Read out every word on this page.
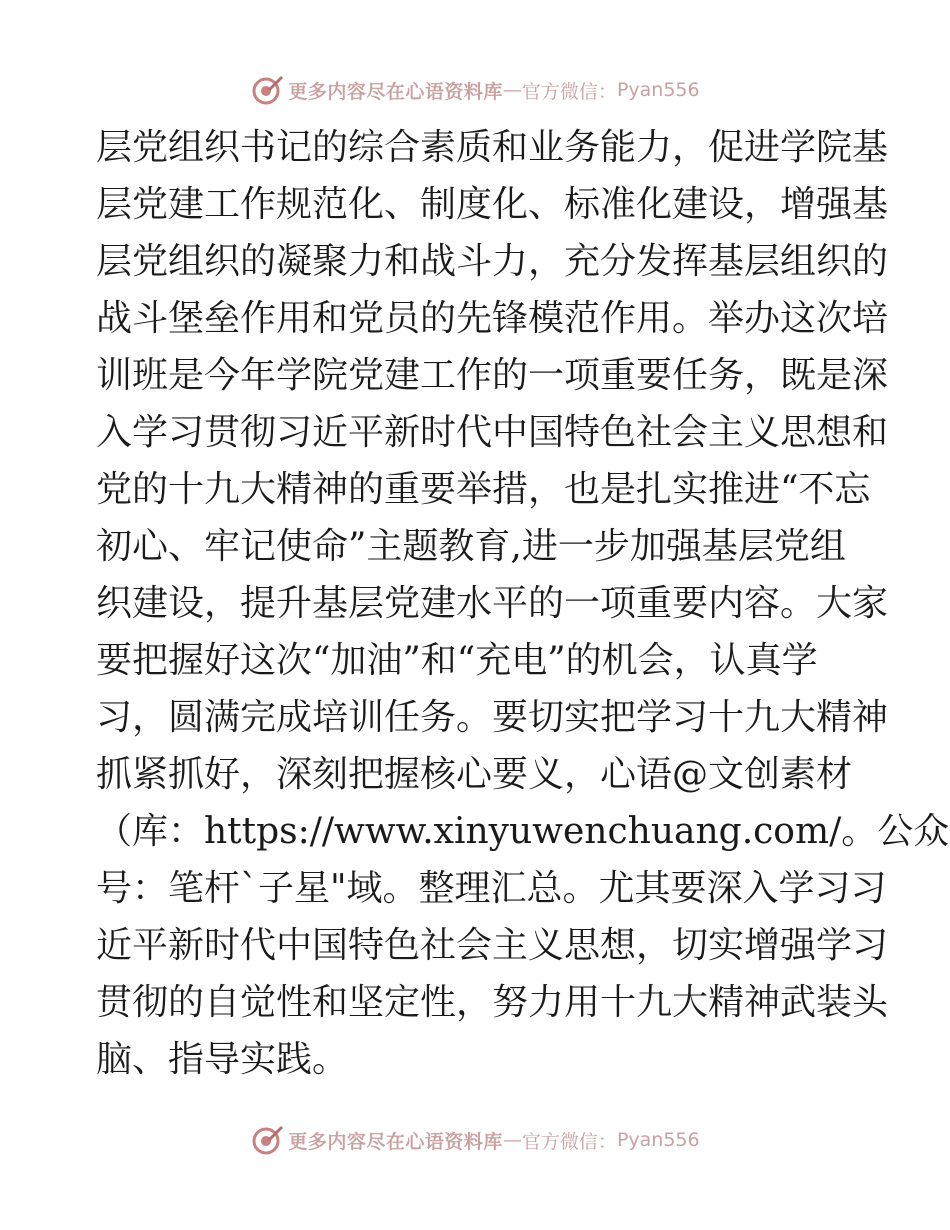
更多内容尽在心语资料库 — 官方微信： Pyan556
层党组织书记的综合素质和业务能力，促进学院基
层党建工作规范化、制度化、标准化建设，增强基
层党组织的凝聚力和战斗力，充分发挥基层组织的
战斗堡垒作用和党员的先锋模范作用。举办这次培
训班是今年学院党建工作的一项重要任务，既是深
入学习贯彻习近平新时代中国特色社会主义思想和
党的十九大精神的重要举措，也是扎实推进“不忘
初心、牢记使命”主题教育,进一步加强基层党组
织建设，提升基层党建水平的一项重要内容。大家
要把握好这次“加油”和“充电”的机会，认真学
习，圆满完成培训任务。要切实把学习十九大精神
抓紧抓好，深刻把握核心要义，心语@文创素材
（库：https://www.xinyuwenchuang.com/。公众
号：笔杆`子星"域。整理汇总。尤其要深入学习习
近平新时代中国特色社会主义思想，切实增强学习
贯彻的自觉性和坚定性，努力用十九大精神武装头
脑、指导实践。
更多内容尽在心语资料库 — 官方微信： Pyan556
